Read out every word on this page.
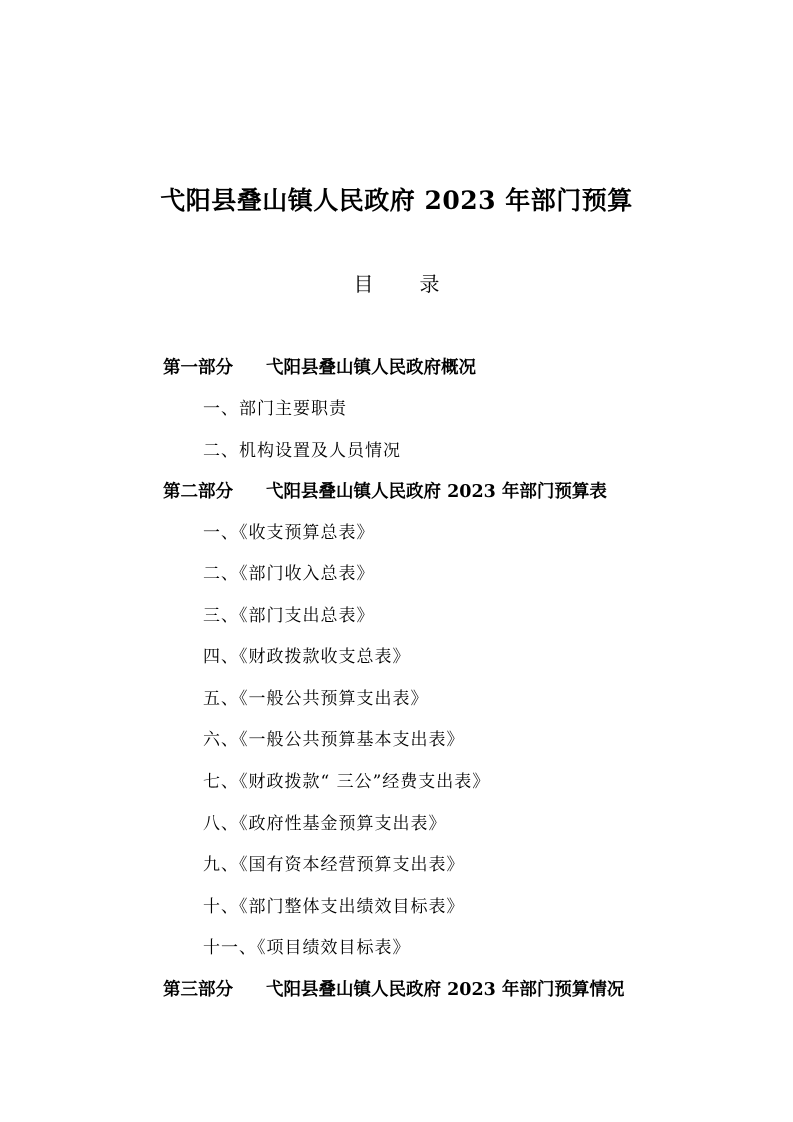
弋阳县叠山镇人民政府 2023 年部门预算
目 录
第一部分 弋阳县叠山镇人民政府概况
一、部门主要职责
二、机构设置及人员情况
第二部分 弋阳县叠山镇人民政府 2023 年部门预算表
一、《收支预算总表》
二、《部门收入总表》
三、《部门支出总表》
四、《财政拨款收支总表》
五、《一般公共预算支出表》
六、《一般公共预算基本支出表》
七、《财政拨款“ 三公”经费支出表》
八、《政府性基金预算支出表》
九、《国有资本经营预算支出表》
十、《部门整体支出绩效目标表》
十一、《项目绩效目标表》
第三部分 弋阳县叠山镇人民政府 2023 年部门预算情况
